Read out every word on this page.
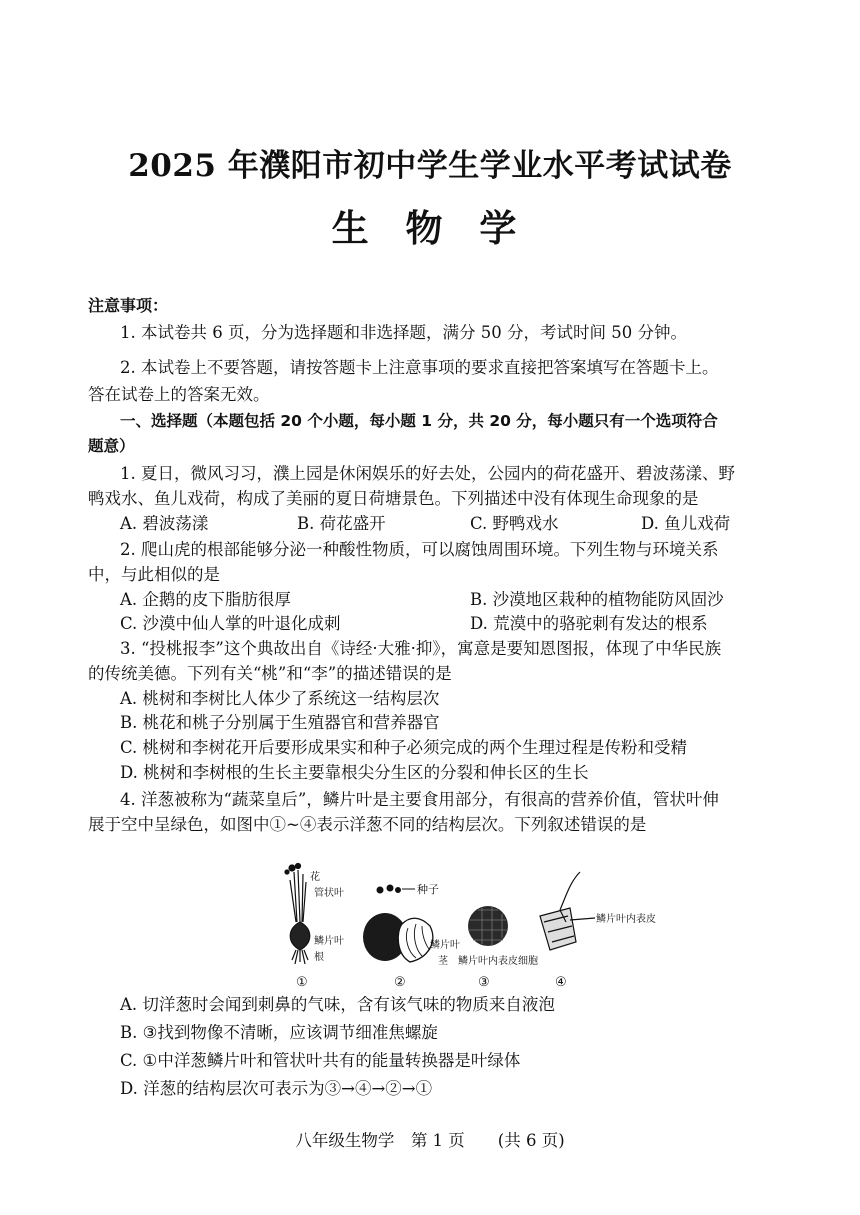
2025 年濮阳市初中学生学业水平考试试卷
生 物 学
注意事项：
1. 本试卷共 6 页，分为选择题和非选择题，满分 50 分，考试时间 50 分钟。
2. 本试卷上不要答题，请按答题卡上注意事项的要求直接把答案填写在答题卡上。
答在试卷上的答案无效。
一、选择题（本题包括 20 个小题，每小题 1 分，共 20 分，每小题只有一个选项符合
题意）
1. 夏日，微风习习，濮上园是休闲娱乐的好去处，公园内的荷花盛开、碧波荡漾、野
鸭戏水、鱼儿戏荷，构成了美丽的夏日荷塘景色。下列描述中没有体现生命现象的是
A. 碧波荡漾	B. 荷花盛开	C. 野鸭戏水	D. 鱼儿戏荷
2. 爬山虎的根部能够分泌一种酸性物质，可以腐蚀周围环境。下列生物与环境关系
中，与此相似的是
A. 企鹅的皮下脂肪很厚	B. 沙漠地区栽种的植物能防风固沙
C. 沙漠中仙人掌的叶退化成刺	D. 荒漠中的骆驼刺有发达的根系
3. “投桃报李”这个典故出自《诗经·大雅·抑》，寓意是要知恩图报，体现了中华民族
的传统美德。下列有关“桃”和“李”的描述错误的是
A. 桃树和李树比人体少了系统这一结构层次
B. 桃花和桃子分别属于生殖器官和营养器官
C. 桃树和李树花开后要形成果实和种子必须完成的两个生理过程是传粉和受精
D. 桃树和李树根的生长主要靠根尖分生区的分裂和伸长区的生长
4. 洋葱被称为“蔬菜皇后”，鳞片叶是主要食用部分，有很高的营养价值，管状叶伸
展于空中呈绿色，如图中①~④表示洋葱不同的结构层次。下列叙述错误的是
花
管状叶
鳞片叶
根
种子
鳞片叶
茎 鳞片叶内表皮细胞
鳞片叶内表皮
①	②	③	④
A. 切洋葱时会闻到刺鼻的气味，含有该气味的物质来自液泡
B. ③找到物像不清晰，应该调节细准焦螺旋
C. ①中洋葱鳞片叶和管状叶共有的能量转换器是叶绿体
D. 洋葱的结构层次可表示为③→④→②→①
八年级生物学　第 1 页　　(共 6 页)
